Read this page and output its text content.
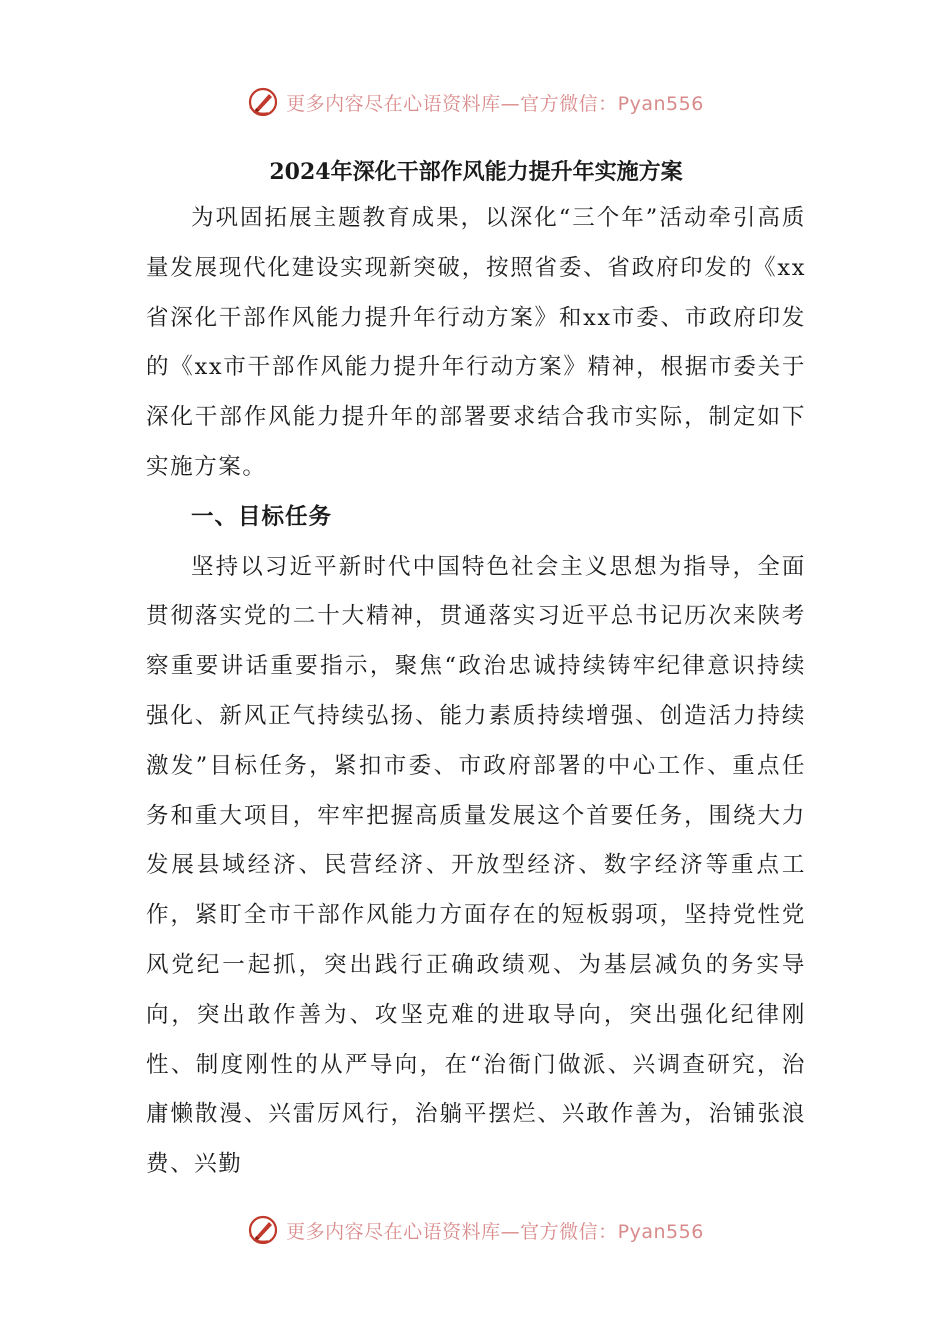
更多内容尽在心语资料库—官方微信：Pyan556
2024年深化干部作风能力提升年实施方案

为巩固拓展主题教育成果，以深化“三个年”活动牵引高质量发展现代化建设实现新突破，按照省委、省政府印发的《xx省深化干部作风能力提升年行动方案》和xx市委、市政府印发的《xx市干部作风能力提升年行动方案》精神，根据市委关于深化干部作风能力提升年的部署要求结合我市实际，制定如下实施方案。

一、目标任务

坚持以习近平新时代中国特色社会主义思想为指导，全面贯彻落实党的二十大精神，贯通落实习近平总书记历次来陕考察重要讲话重要指示，聚焦“政治忠诚持续铸牢纪律意识持续强化、新风正气持续弘扬、能力素质持续增强、创造活力持续激发”目标任务，紧扣市委、市政府部署的中心工作、重点任务和重大项目，牢牢把握高质量发展这个首要任务，围绕大力发展县域经济、民营经济、开放型经济、数字经济等重点工作，紧盯全市干部作风能力方面存在的短板弱项，坚持党性党风党纪一起抓，突出践行正确政绩观、为基层减负的务实导向，突出敢作善为、攻坚克难的进取导向，突出强化纪律刚性、制度刚性的从严导向，在“治衙门做派、兴调查研究，治庸懒散漫、兴雷厉风行，治躺平摆烂、兴敢作善为，治铺张浪费、兴勤

更多内容尽在心语资料库—官方微信：Pyan556
